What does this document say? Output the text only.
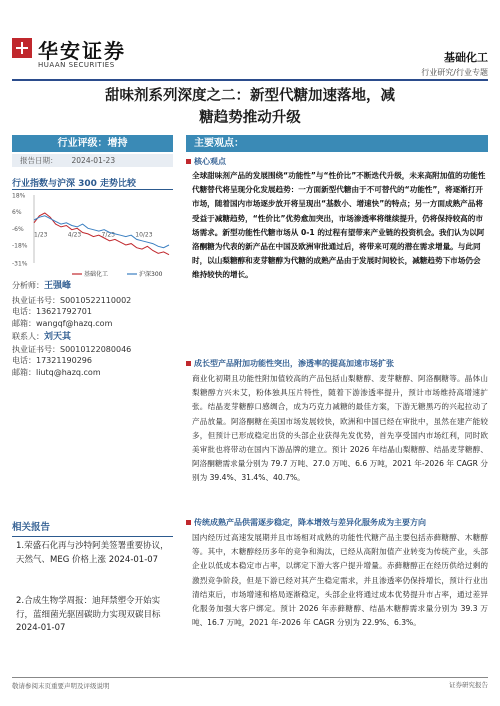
华安证券
HUAAN SECURITIES
基础化工
行业研究/行业专题
甜味剂系列深度之二：新型代糖加速落地，减
糖趋势推动升级
行业评级：增持
报告日期： 2024-01-23
行业指数与沪深 300 走势比较
18%
6%
-6%
-18%
-31%
1/23	4/23	7/23	10/23
基础化工	沪深300
分析师：王强峰
执业证书号：S0010522110002
电话：13621792701
邮箱：wangqf@hazq.com
联系人：刘天其
执业证书号：S0010122080046
电话：17321190296
邮箱：liutq@hazq.com
相关报告
1.荣盛石化再与沙特阿美签署重要协议，天然气、MEG 价格上涨 2024-01-07
2.合成生物学周报：迪拜禁塑令开始实行，蓝细菌光驱固碳助力实现双碳目标 2024-01-07
主要观点：
核心观点
全球甜味剂产品的发展围绕“功能性”与“性价比”不断迭代升级，未来高附加值的功能性代糖替代将呈现分化发展趋势：一方面新型代糖由于不可替代的“功能性”，将逐渐打开市场，随着国内市场逐步放开将呈现出“基数小、增速快”的特点；另一方面成熟产品将受益于减糖趋势，“性价比”优势愈加突出，市场渗透率将继续提升，仍将保持较高的市场需求。新型功能性代糖市场从 0-1 的过程有望带来产业链的投资机会。我们认为以阿洛酮糖为代表的新产品在中国及欧洲审批通过后，将带来可观的潜在需求增量。与此同时，以山梨糖醇和麦芽糖醇为代糖的成熟产品由于发展时间较长，减糖趋势下市场仍会维持较快的增长。
成长型产品附加功能性突出，渗透率的提高加速市场扩张
商业化初期且功能性附加值较高的产品包括山梨糖醇、麦芽糖醇、阿洛酮糖等。晶体山梨糖醇方兴未艾，粉体独具压片特性，随着下游渗透率提升，预计市场维持高增速扩张。结晶麦芽糖醇口感绸合，成为巧克力减糖的最佳方案，下游无糖黑巧的兴起拉动了产品放量。阿洛酮糖在美国市场发展较快，欧洲和中国已经在审批中，虽然在建产能较多，但预计已形成稳定出货的头部企业获得先发优势，首先享受国内市场红利，同时欧美审批也将带动在国内下游品牌的建立。预计 2026 年结晶山梨糖醇、结晶麦芽糖醇、阿洛酮糖需求量分别为 79.7 万吨、27.0 万吨、6.6 万吨，2021 年-2026 年 CAGR 分别为 39.4%、31.4%、40.7%。
传统成熟产品供需逐步稳定，降本增效与差异化服务成为主要方向
国内经历过高速发展期并且市场相对成熟的功能性代糖产品主要包括赤藓糖醇、木糖醇等。其中，木糖醇经历多年的竞争和淘汰，已经从高附加值产业转变为传统产业，头部企业以低成本稳定市占率，以绑定下游大客户提升增量。赤藓糖醇正在经历供给过剩的激烈竞争阶段，但是下游已经对其产生稳定需求，并且渗透率仍保持增长，预计行业出清结束后，市场增速和格局逐渐稳定，头部企业将通过成本优势提升市占率，通过差异化服务加强大客户绑定。预计 2026 年赤藓糖醇、结晶木糖醇需求量分别为 39.3 万吨、16.7 万吨，2021 年-2026 年 CAGR 分别为 22.9%、6.3%。
敬请参阅末页重要声明及评级说明	证券研究报告
